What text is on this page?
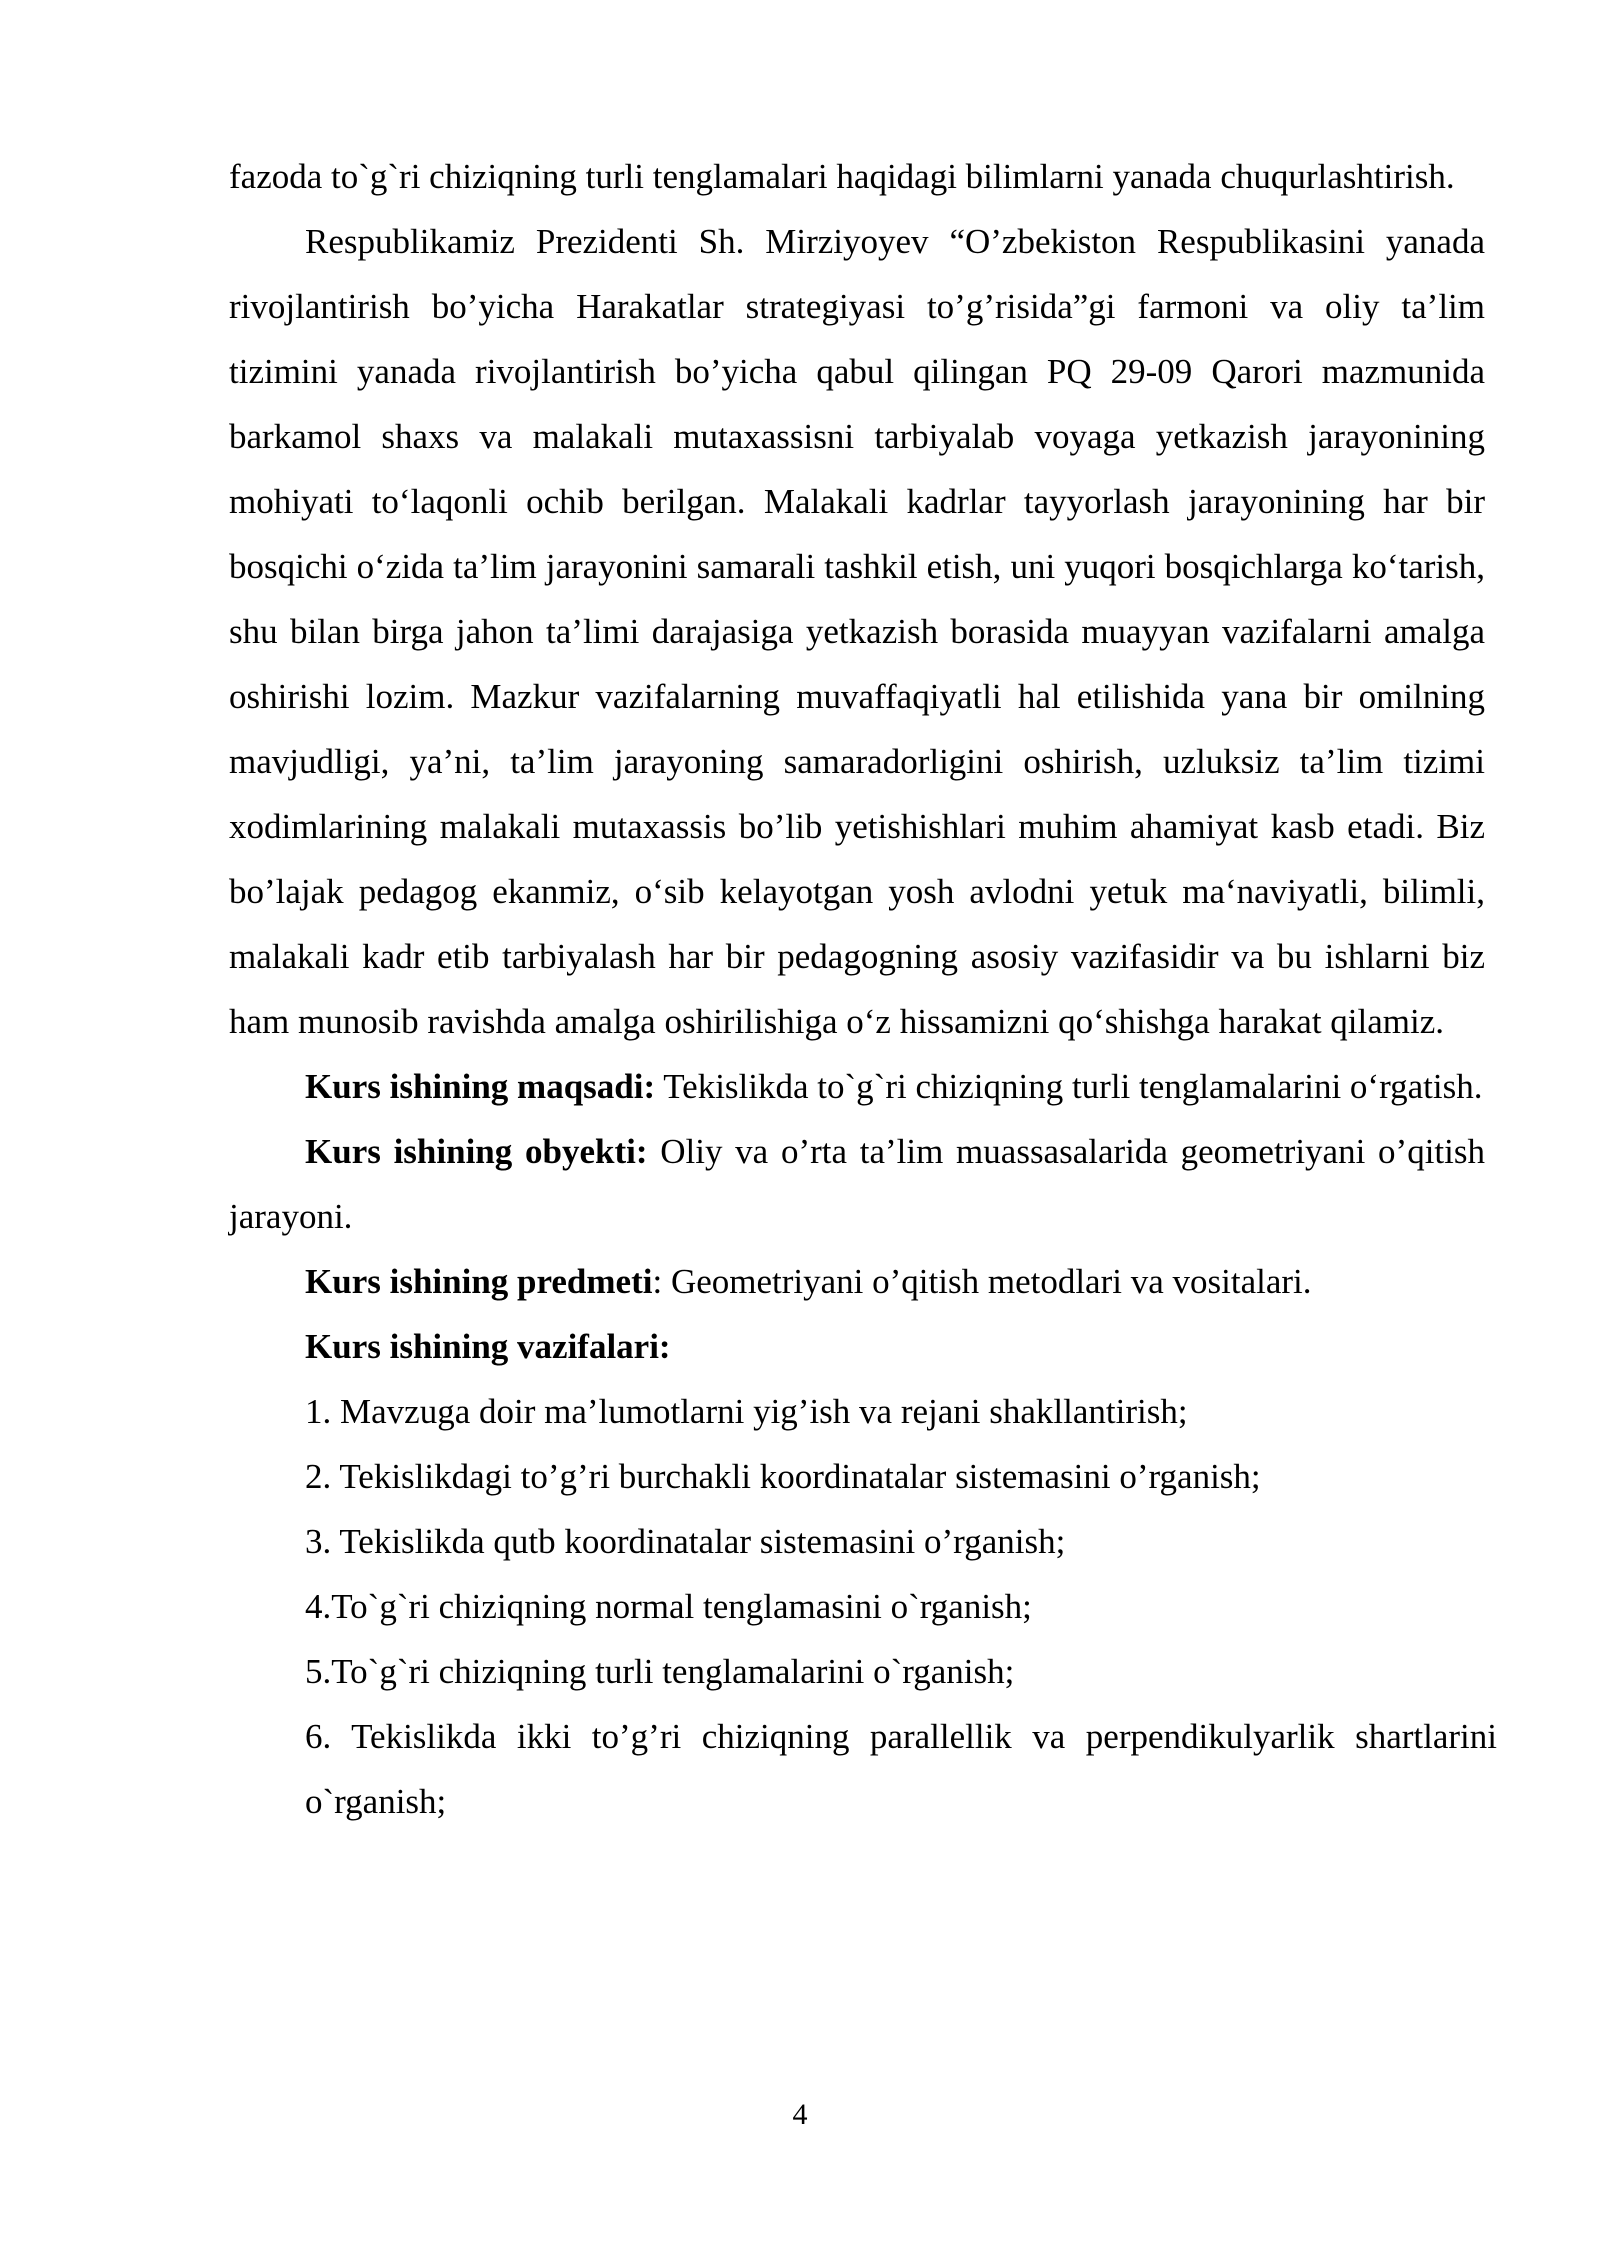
fazoda to`g`ri chiziqning turli tenglamalari haqidagi bilimlarni yanada chuqurlashtirish.

Respublikamiz Prezidenti Sh. Mirziyoyev “O’zbekiston Respublikasini yanada rivojlantirish bo’yicha Harakatlar strategiyasi to’g’risida”gi farmoni va oliy ta’lim tizimini yanada rivojlantirish bo’yicha qabul qilingan PQ 29-09 Qarori mazmunida barkamol shaxs va malakali mutaxassisni tarbiyalab voyaga yetkazish jarayonining mohiyati to‘laqonli ochib berilgan. Malakali kadrlar tayyorlash jarayonining har bir bosqichi o‘zida ta’lim jarayonini samarali tashkil etish, uni yuqori bosqichlarga ko‘tarish, shu bilan birga jahon ta’limi darajasiga yetkazish borasida muayyan vazifalarni amalga oshirishi lozim. Mazkur vazifalarning muvaffaqiyatli hal etilishida yana bir omilning mavjudligi, ya’ni, ta’lim jarayoning samaradorligini oshirish, uzluksiz ta’lim tizimi xodimlarining malakali mutaxassis bo’lib yetishishlari muhim ahamiyat kasb etadi. Biz bo’lajak pedagog ekanmiz, o‘sib kelayotgan yosh avlodni yetuk ma‘naviyatli, bilimli, malakali kadr etib tarbiyalash har bir pedagogning asosiy vazifasidir va bu ishlarni biz ham munosib ravishda amalga oshirilishiga o‘z hissamizni qo‘shishga harakat qilamiz.

Kurs ishining maqsadi: Tekislikda to`g`ri chiziqning turli tenglamalarini o‘rgatish.

Kurs ishining obyekti: Oliy va o’rta ta’lim muassasalarida geometriyani o’qitish jarayoni.

Kurs ishining predmeti: Geometriyani o’qitish metodlari va vositalari.

Kurs ishining vazifalari:

1. Mavzuga doir ma’lumotlarni yig’ish va rejani shakllantirish;

2. Tekislikdagi to’g’ri burchakli koordinatalar sistemasini o’rganish;

3. Tekislikda qutb koordinatalar sistemasini o’rganish;

4.To`g`ri chiziqning normal tenglamasini o`rganish;

5.To`g`ri chiziqning turli tenglamalarini o`rganish;

6. Tekislikda ikki to’g’ri chiziqning parallellik va perpendikulyarlik shartlarini o`rganish;

4
